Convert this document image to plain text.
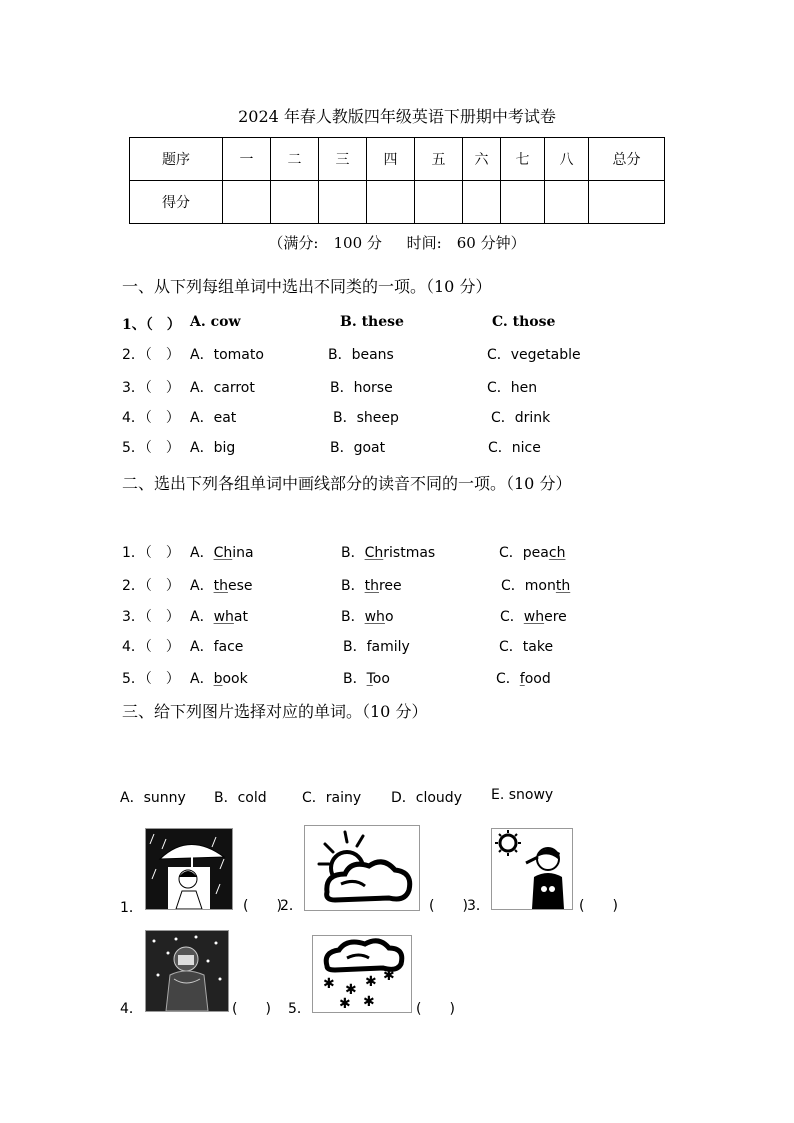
2024 年春人教版四年级英语下册期中考试卷
题序	一	二	三	四	五	六	七	八	总分
得分									
（满分:　100 分 时间:　60 分钟）
一、从下列每组单词中选出不同类的一项。（10 分）
1、（　） A. cow	B. these	C. those
2．（　） A．tomato	B．beans	C．vegetable
3．（　） A．carrot	B．horse	C．hen
4．（　） A．eat	B．sheep	C．drink
5．（　） A．big	B．goat	C．nice
二、选出下列各组单词中画线部分的读音不同的一项。（10 分）
1．（　） A．China	B．Christmas	C．peach
2．（　） A．these	B．three	C．month
3．（　） A．what	B．who	C．where
4．（　） A．face	B．family	C．take
5．（　） A．book	B．Too	C．food
三、给下列图片选择对应的单词。（10 分）
A．sunny B．cold	C．rainy D．cloudy E. snowy
1．	(　　)
2．	(　　) 3．	(　　)
4．	(　　) 5．
✱ ✱ ✱ ✱
✱ ✱	(　　)
